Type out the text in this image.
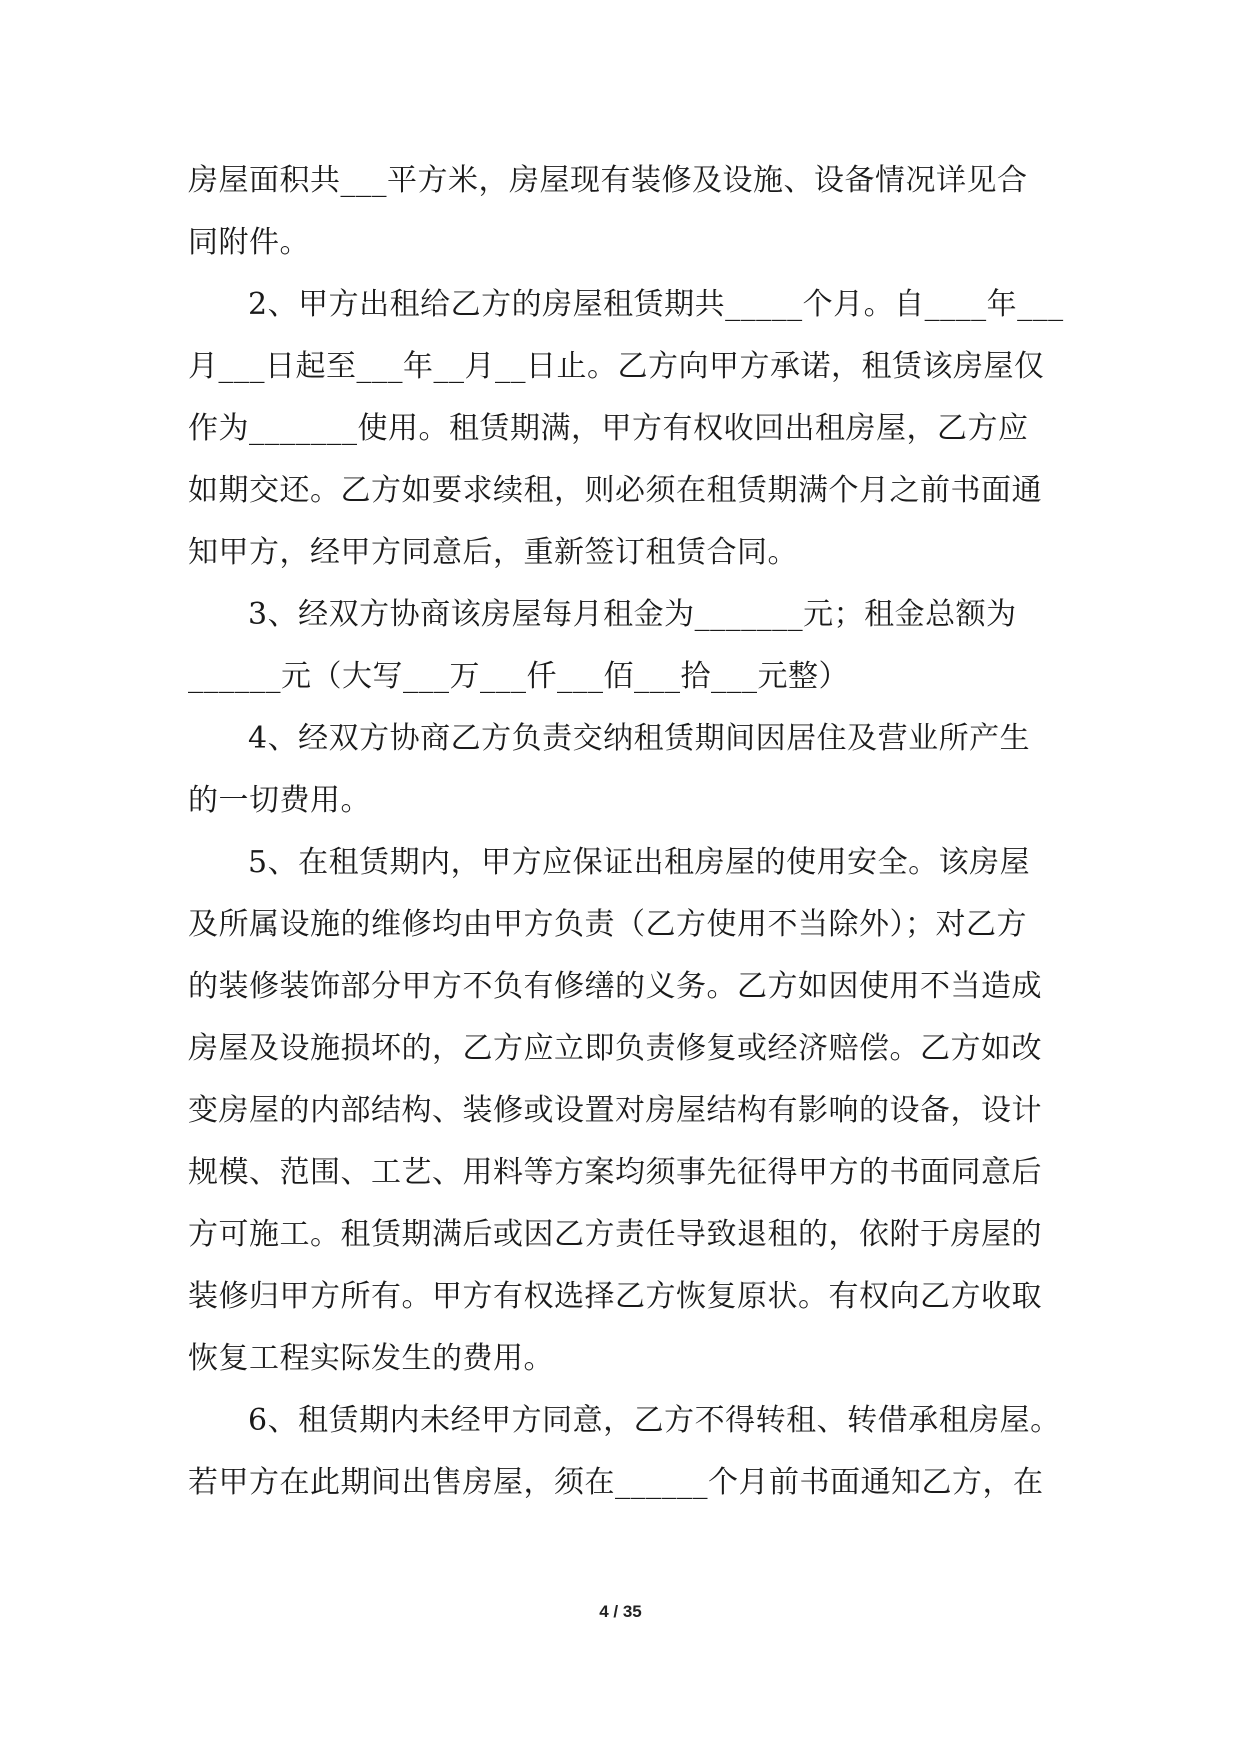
房屋面积共___平方米，房屋现有装修及设施、设备情况详见合
同附件。
2、甲方出租给乙方的房屋租赁期共_____个月。自____年___
月___日起至___年__月__日止。乙方向甲方承诺，租赁该房屋仅
作为_______使用。租赁期满，甲方有权收回出租房屋，乙方应
如期交还。乙方如要求续租，则必须在租赁期满个月之前书面通
知甲方，经甲方同意后，重新签订租赁合同。
3、经双方协商该房屋每月租金为_______元；租金总额为
______元（大写___万___仟___佰___拾___元整）
4、经双方协商乙方负责交纳租赁期间因居住及营业所产生
的一切费用。
5、在租赁期内，甲方应保证出租房屋的使用安全。该房屋
及所属设施的维修均由甲方负责（乙方使用不当除外）；对乙方
的装修装饰部分甲方不负有修缮的义务。乙方如因使用不当造成
房屋及设施损坏的，乙方应立即负责修复或经济赔偿。乙方如改
变房屋的内部结构、装修或设置对房屋结构有影响的设备，设计
规模、范围、工艺、用料等方案均须事先征得甲方的书面同意后
方可施工。租赁期满后或因乙方责任导致退租的，依附于房屋的
装修归甲方所有。甲方有权选择乙方恢复原状。有权向乙方收取
恢复工程实际发生的费用。
6、租赁期内未经甲方同意，乙方不得转租、转借承租房屋。
若甲方在此期间出售房屋，须在______个月前书面通知乙方，在
4 / 35
